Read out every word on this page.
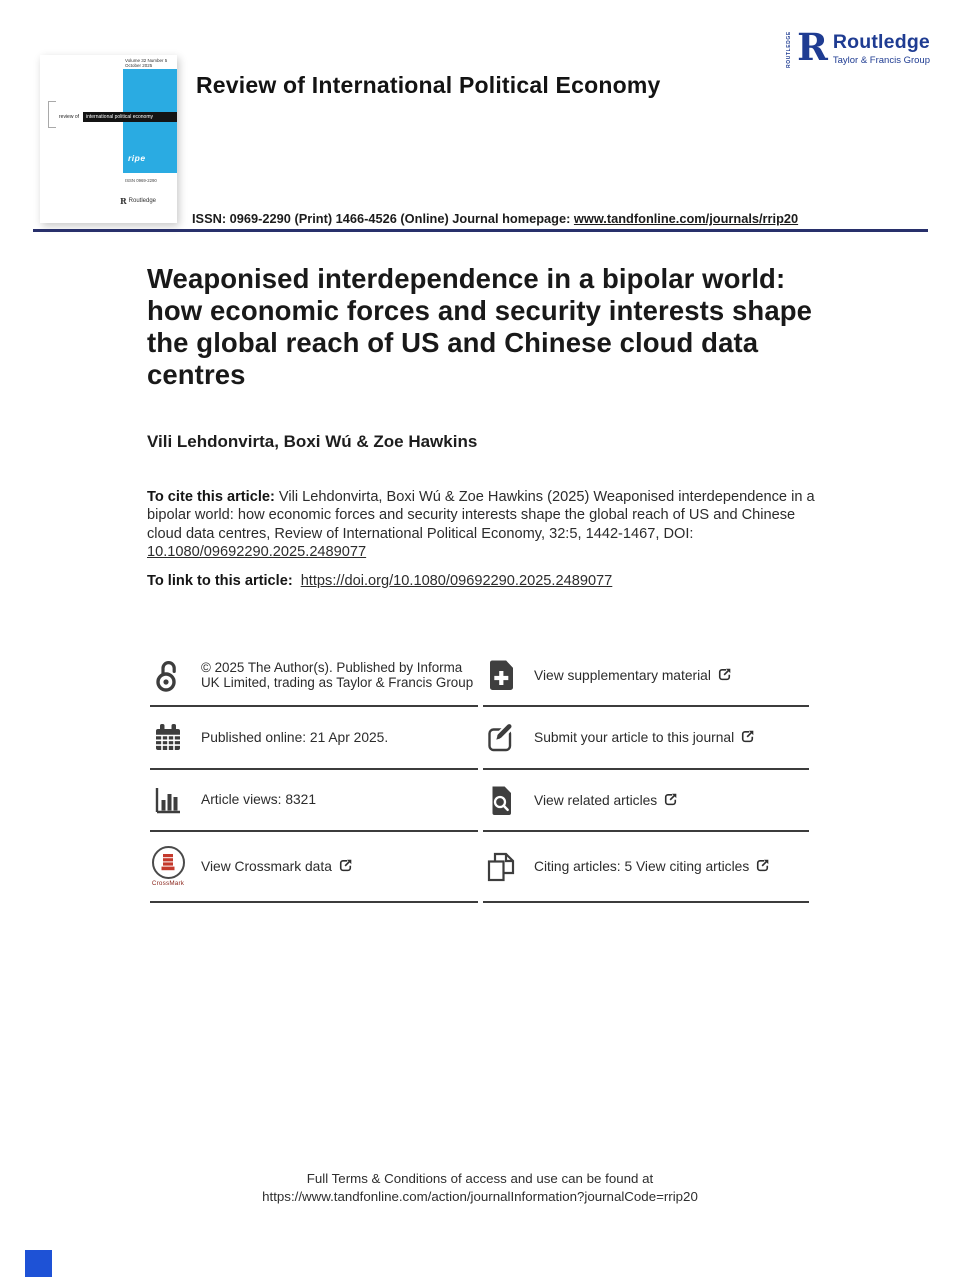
ROUTLEDGE R Routledge
Taylor & Francis Group
Volume 32 Number 5
October 2025
review of	international political economy
ripe
ISSN 0969-2290
R Routledge
Review of International Political Economy
ISSN: 0969-2290 (Print) 1466-4526 (Online) Journal homepage: www.tandfonline.com/journals/rrip20
Weaponised interdependence in a bipolar world: how economic forces and security interests shape the global reach of US and Chinese cloud data centres
Vili Lehdonvirta, Boxi Wú & Zoe Hawkins
To cite this article: Vili Lehdonvirta, Boxi Wú & Zoe Hawkins (2025) Weaponised interdependence in a bipolar world: how economic forces and security interests shape the global reach of US and Chinese cloud data centres, Review of International Political Economy, 32:5, 1442-1467, DOI: 10.1080/09692290.2025.2489077
To link to this article: https://doi.org/10.1080/09692290.2025.2489077
© 2025 The Author(s). Published by Informa UK Limited, trading as Taylor & Francis Group
Published online: 21 Apr 2025.
Article views: 8321
CrossMark
View Crossmark data
View supplementary material
Submit your article to this journal
View related articles
Citing articles: 5 View citing articles
Full Terms & Conditions of access and use can be found at
https://www.tandfonline.com/action/journalInformation?journalCode=rrip20
